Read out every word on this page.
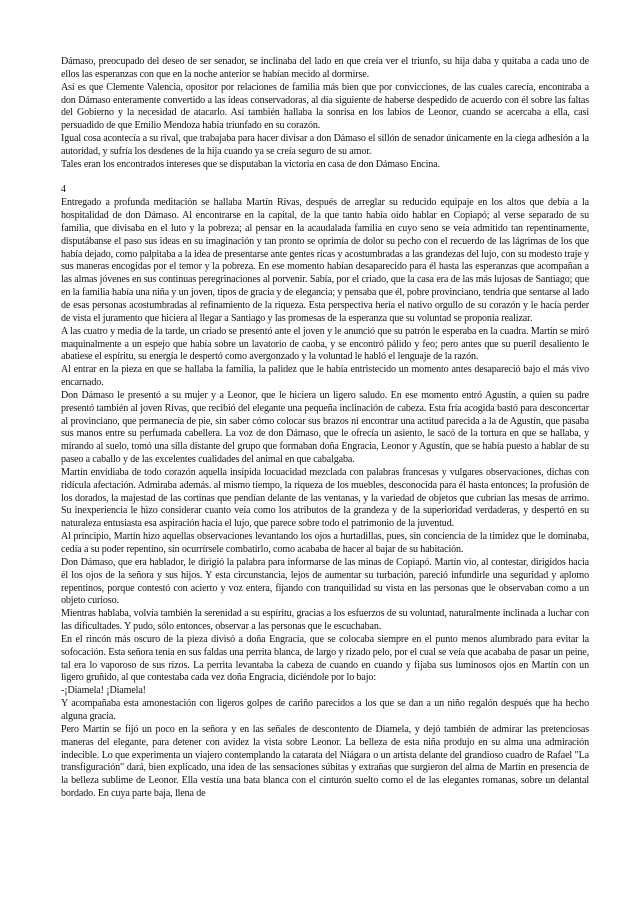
Dámaso, preocupado del deseo de ser senador, se inclinaba del lado en que creía ver el triunfo, su hija daba y quitaba a cada uno de ellos las esperanzas con que en la noche anterior se habían mecido al dormirse.

Así es que Clemente Valencia, opositor por relaciones de familia más bien que por convicciones, de las cuales carecía, encontraba a don Dámaso enteramente convertido a las ideas conservadoras, al día siguiente de haberse despedido de acuerdo con él sobre las faltas del Gobierno y la necesidad de atacarlo. Así también hallaba la sonrisa en los labios de Leonor, cuando se acercaba a ella, casi persuadido de que Emilio Mendoza había triunfado en su corazón.

Igual cosa acontecía a su rival, que trabajaba para hacer divisar a don Dámaso el sillón de senador únicamente en la ciega adhesión a la autoridad, y sufría los desdenes de la hija cuando ya se creía seguro de su amor.

Tales eran los encontrados intereses que se disputaban la victoria en casa de don Dámaso Encina.

4

Entregado a profunda meditación se hallaba Martín Rivas, después de arreglar su reducido equipaje en los altos que debía a la hospitalidad de don Dámaso. Al encontrarse en la capital, de la que tanto había oído hablar en Copiapó; al verse separado de su familia, que divisaba en el luto y la pobreza; al pensar en la acaudalada familia en cuyo seno se veía admitido tan repentinamente, disputábanse el paso sus ideas en su imaginación y tan pronto se oprimía de dolor su pecho con el recuerdo de las lágrimas de los que había dejado, como palpitaba a la idea de presentarse ante gentes ricas y acostumbradas a las grandezas del lujo, con su modesto traje y sus maneras encogidas por el temor y la pobreza. En ese momento habían desaparecido para él hasta las esperanzas que acompañan a las almas jóvenes en sus continuas peregrinaciones al porvenir. Sabía, por el criado, que la casa era de las más lujosas de Santiago; que en la familia había una niña y un joven, tipos de gracia y de elegancia; y pensaba que él, pobre provinciano, tendría que sentarse al lado de esas personas acostumbradas al refinamiento de la riqueza. Esta perspectiva hería el nativo orgullo de su corazón y le hacía perder de vista el juramento que hiciera al llegar a Santiago y las promesas de la esperanza que su voluntad se proponía realizar.

A las cuatro y media de la tarde, un criado se presentó ante el joven y le anunció que su patrón le esperaba en la cuadra. Martín se miró maquinalmente a un espejo que había sobre un lavatorio de caoba, y se encontró pálido y feo; pero antes que su pueril desaliento le abatiese el espíritu, su energía le despertó como avergonzado y la voluntad le habló el lenguaje de la razón.

Al entrar en la pieza en que se hallaba la familia, la palidez que le había entristecido un momento antes desapareció bajo el más vivo encarnado.

Don Dámaso le presentó a su mujer y a Leonor, que le hiciera un ligero saludo. En ese momento entró Agustín, a quien su padre presentó también al joven Rivas, que recibió del elegante una pequeña inclinación de cabeza. Esta fría acogida bastó para desconcertar al provinciano, que permanecía de pie, sin saber cómo colocar sus brazos ni encontrar una actitud parecida a la de Agustín, que pasaba sus manos entre su perfumada cabellera. La voz de don Dámaso, que le ofrecía un asiento, le sacó de la tortura en que se hallaba, y mirando al suelo, tomó una silla distante del grupo que formaban doña Engracia, Leonor y Agustín, que se había puesto a hablar de su paseo a caballo y de las excelentes cualidades del animal en que cabalgaba.

Martín envidiaba de todo corazón aquella insípida locuacidad mezclada con palabras francesas y vulgares observaciones, dichas con ridícula afectación. Admiraba además. al mismo tiempo, la riqueza de los muebles, desconocida para él hasta entonces; la profusión de los dorados, la majestad de las cortinas que pendían delante de las ventanas, y la variedad de objetos que cubrían las mesas de arrimo. Su inexperiencia le hizo considerar cuanto veía como los atributos de la grandeza y de la superioridad verdaderas, y despertó en su naturaleza entusiasta esa aspiración hacia el lujo, que parece sobre todo el patrimonio de la juventud.

Al principio, Martín hizo aquellas observaciones levantando los ojos a hurtadillas, pues, sin conciencia de la timidez que le dominaba, cedía a su poder repentino, sin ocurrírsele combatirlo, como acababa de hacer al bajar de su habitación.

Don Dámaso, que era hablador, le dirigió la palabra para informarse de las minas de Copiapó. Martín vio, al contestar, dirigidos hacia él los ojos de la señora y sus hijos. Y esta circunstancia, lejos de aumentar su turbación, pareció infundirle una seguridad y aplomo repentinos, porque contestó con acierto y voz entera, fijando con tranquilidad su vista en las personas que le observaban como a un objeto curioso.

Mientras hablaba, volvía también la serenidad a su espíritu, gracias a los esfuerzos de su voluntad, naturalmente inclinada a luchar con las dificultades. Y pudo, sólo entonces, observar a las personas que le escuchaban.

En el rincón más oscuro de la pieza divisó a doña Engracia, que se colocaba siempre en el punto menos alumbrado para evitar la sofocación. Esta señora tenía en sus faldas una perrita blanca, de largo y rizado pelo, por el cual se veía que acababa de pasar un peine, tal era lo vaporoso de sus rizos. La perrita levantaba la cabeza de cuando en cuando y fijaba sus luminosos ojos en Martín con un ligero gruñido, al que contestaba cada vez doña Engracia, diciéndole por lo bajo:

-¡Diamela! ¡Diamela!

Y acompañaba esta amonestación con ligeros golpes de cariño parecidos a los que se dan a un niño regalón después que ha hecho alguna gracia.

Pero Martín se fijó un poco en la señora y en las señales de descontento de Diamela, y dejó también de admirar las pretenciosas maneras del elegante, para detener con avidez la vista sobre Leonor. La belleza de esta niña produjo en su alma una admiración indecible. Lo que experimenta un viajero contemplando la catarata del Niágara o un artista delante del grandioso cuadro de Rafael "La transfiguración" dará, bien explicado, una idea de las sensaciones súbitas y extrañas que surgieron del alma de Martín en presencia de la belleza sublime de Leonor. Ella vestía una bata blanca con el cinturón suelto como el de las elegantes romanas, sobre un delantal bordado. En cuya parte baja, llena de
